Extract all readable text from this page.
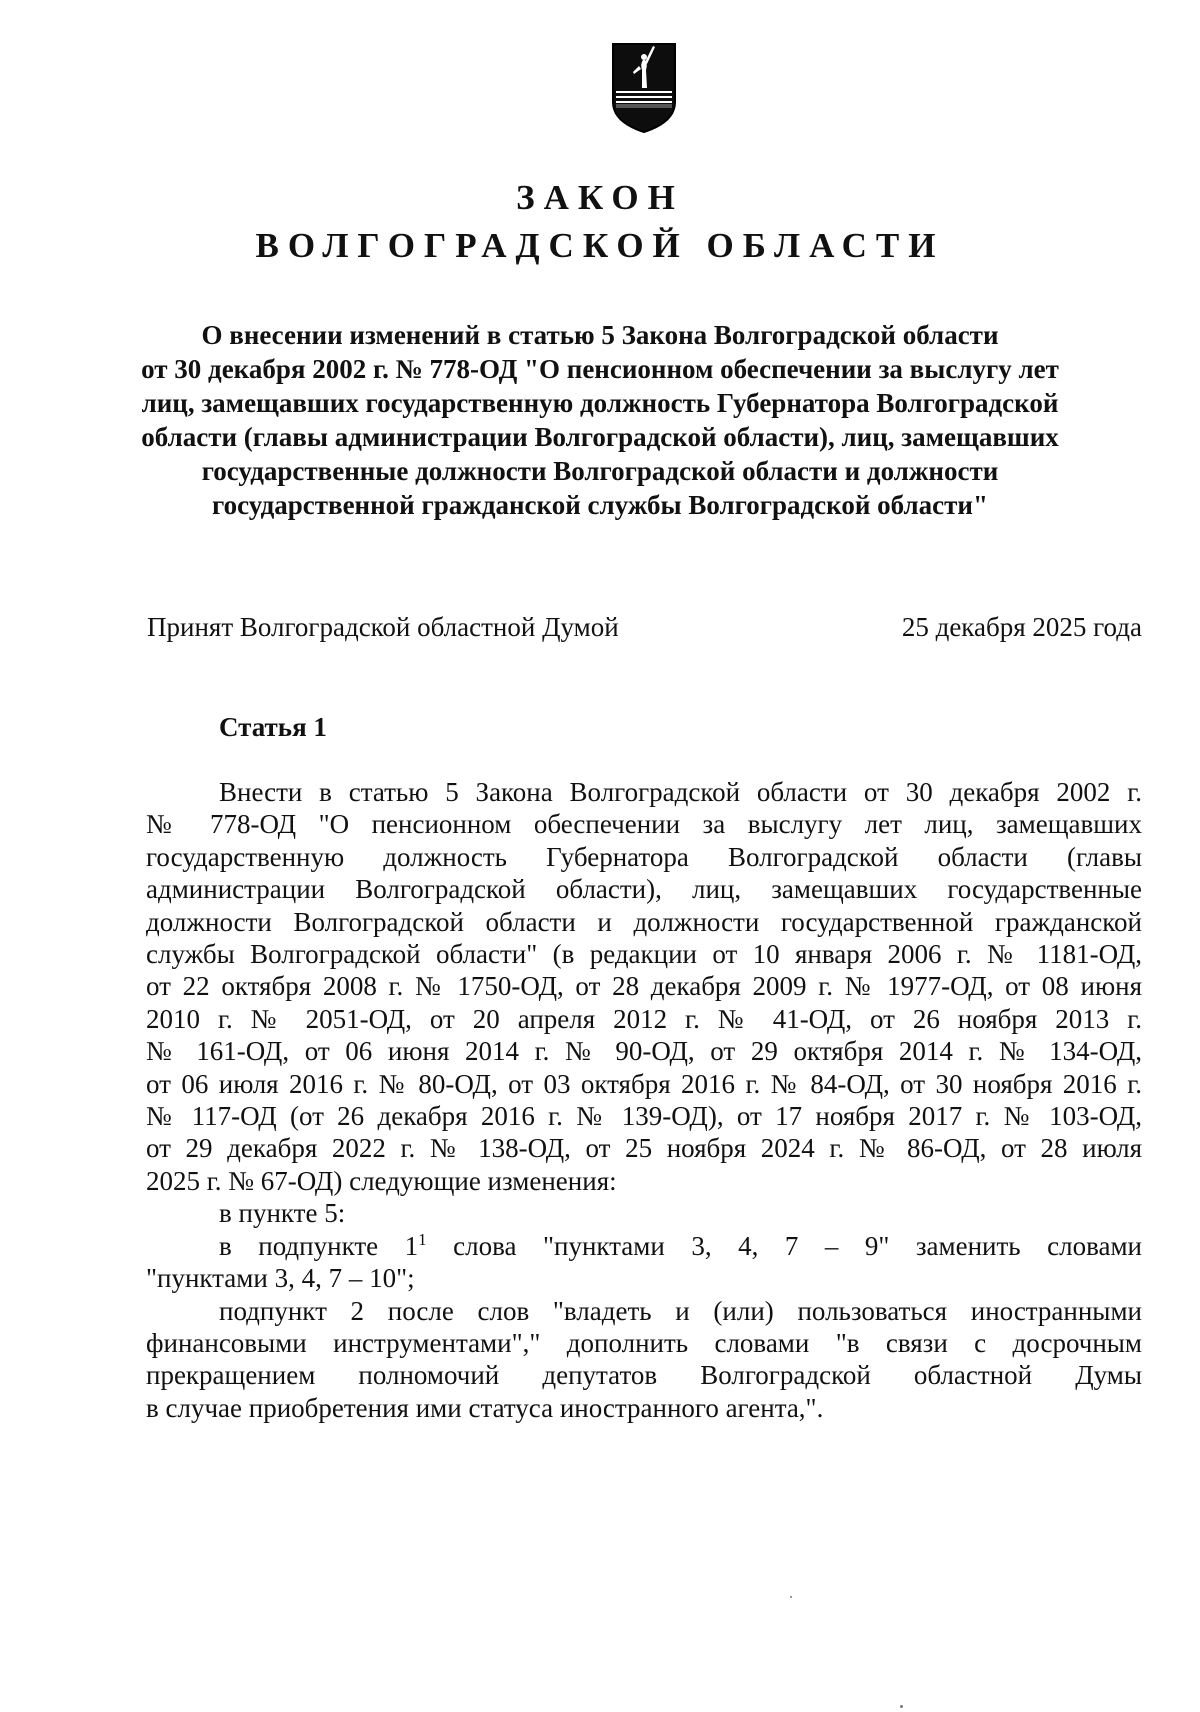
ЗАКОН
ВОЛГОГРАДСКОЙ ОБЛАСТИ
О внесении изменений в статью 5 Закона Волгоградской области
от 30 декабря 2002 г. № 778-ОД "О пенсионном обеспечении за выслугу лет
лиц, замещавших государственную должность Губернатора Волгоградской
области (главы администрации Волгоградской области), лиц, замещавших
государственные должности Волгоградской области и должности
государственной гражданской службы Волгоградской области"
Принят Волгоградской областной Думой	25 декабря 2025 года
Статья 1
Внести в статью 5 Закона Волгоградской области от 30 декабря 2002 г.
№ 778-ОД "О пенсионном обеспечении за выслугу лет лиц, замещавших
государственную должность Губернатора Волгоградской области (главы
администрации Волгоградской области), лиц, замещавших государственные
должности Волгоградской области и должности государственной гражданской
службы Волгоградской области" (в редакции от 10 января 2006 г. № 1181-ОД,
от 22 октября 2008 г. № 1750-ОД, от 28 декабря 2009 г. № 1977-ОД, от 08 июня
2010 г. № 2051-ОД, от 20 апреля 2012 г. № 41-ОД, от 26 ноября 2013 г.
№ 161-ОД, от 06 июня 2014 г. № 90-ОД, от 29 октября 2014 г. № 134-ОД,
от 06 июля 2016 г. № 80-ОД, от 03 октября 2016 г. № 84-ОД, от 30 ноября 2016 г.
№ 117-ОД (от 26 декабря 2016 г. № 139-ОД), от 17 ноября 2017 г. № 103-ОД,
от 29 декабря 2022 г. № 138-ОД, от 25 ноября 2024 г. № 86-ОД, от 28 июля
2025 г. № 67-ОД) следующие изменения:
в пункте 5:
в подпункте $1^1$ слова "пунктами 3, 4, 7 – 9" заменить словами
"пунктами 3, 4, 7 – 10";
подпункт 2 после слов "владеть и (или) пользоваться иностранными
финансовыми инструментами"," дополнить словами "в связи с досрочным
прекращением полномочий депутатов Волгоградской областной Думы
в случае приобретения ими статуса иностранного агента,".
